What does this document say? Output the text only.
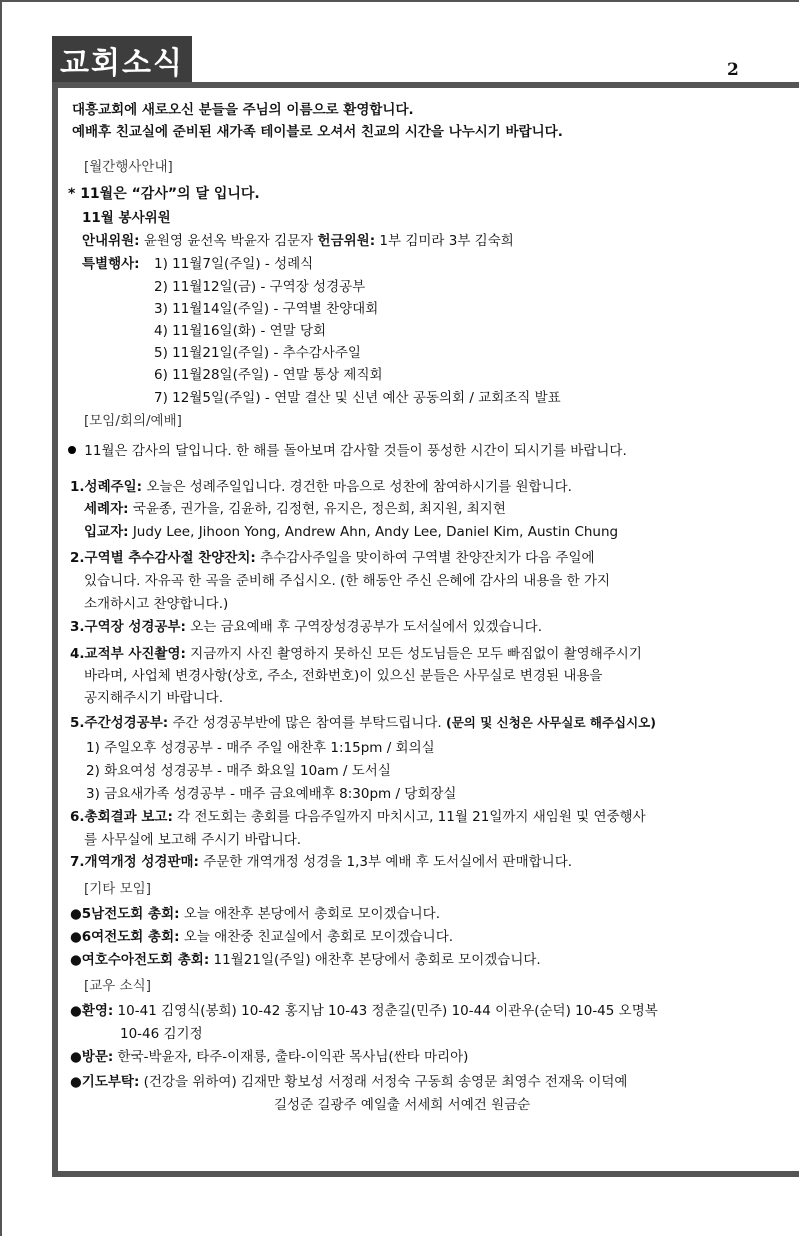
교회소식	2
대흥교회에 새로오신 분들을 주님의 이름으로 환영합니다.
예배후 친교실에 준비된 새가족 테이블로 오셔서 친교의 시간을 나누시기 바랍니다.
[월간행사안내]
* 11월은 “감사”의 달 입니다.
11월 봉사위원
안내위원: 윤원영 윤선옥 박윤자 김문자 헌금위원: 1부 김미라 3부 김숙희
특별행사: 1) 11월7일(주일) - 성례식
2) 11월12일(금) - 구역장 성경공부
3) 11월14일(주일) - 구역별 찬양대회
4) 11월16일(화) - 연말 당회
5) 11월21일(주일) - 추수감사주일
6) 11월28일(주일) - 연말 통상 제직회
7) 12월5일(주일) - 연말 결산 및 신년 예산 공동의회 / 교회조직 발표
[모임/회의/예배]
11월은 감사의 달입니다. 한 해를 돌아보며 감사할 것들이 풍성한 시간이 되시기를 바랍니다.
1.성례주일: 오늘은 성례주일입니다. 경건한 마음으로 성찬에 참여하시기를 원합니다.
세례자: 국윤종, 권가을, 김윤하, 김정현, 유지은, 정은희, 최지원, 최지현
입교자: Judy Lee, Jihoon Yong, Andrew Ahn, Andy Lee, Daniel Kim, Austin Chung
2.구역별 추수감사절 찬양잔치: 추수감사주일을 맞이하여 구역별 찬양잔치가 다음 주일에
있습니다. 자유곡 한 곡을 준비해 주십시오. (한 해동안 주신 은혜에 감사의 내용을 한 가지
소개하시고 찬양합니다.)
3.구역장 성경공부: 오는 금요예배 후 구역장성경공부가 도서실에서 있겠습니다.
4.교적부 사진촬영: 지금까지 사진 촬영하지 못하신 모든 성도님들은 모두 빠짐없이 촬영해주시기
바라며, 사업체 변경사항(상호, 주소, 전화번호)이 있으신 분들은 사무실로 변경된 내용을
공지해주시기 바랍니다.
5.주간성경공부: 주간 성경공부반에 많은 참여를 부탁드립니다. (문의 및 신청은 사무실로 해주십시오)
1) 주일오후 성경공부 - 매주 주일 애찬후 1:15pm / 회의실
2) 화요여성 성경공부 - 매주 화요일 10am / 도서실
3) 금요새가족 성경공부 - 매주 금요예배후 8:30pm / 당회장실
6.총회결과 보고: 각 전도회는 총회를 다음주일까지 마치시고, 11월 21일까지 새임원 및 연중행사
를 사무실에 보고해 주시기 바랍니다.
7.개역개정 성경판매: 주문한 개역개정 성경을 1,3부 예배 후 도서실에서 판매합니다.
[기타 모임]
●5남전도회 총회: 오늘 애찬후 본당에서 총회로 모이겠습니다.
●6여전도회 총회: 오늘 애찬중 친교실에서 총회로 모이겠습니다.
●여호수아전도회 총회: 11월21일(주일) 애찬후 본당에서 총회로 모이겠습니다.
[교우 소식]
●환영: 10-41 김영식(봉희) 10-42 홍지남 10-43 정춘길(민주) 10-44 이관우(순덕) 10-45 오명복
10-46 김기정
●방문: 한국-박윤자, 타주-이재룡, 출타-이익관 목사님(싼타 마리아)
●기도부탁: (건강을 위하여) 김재만 황보성 서정래 서정숙 구동희 송영문 최영수 전재욱 이덕예
길성준 길광주 예일출 서세희 서예건 원금순
